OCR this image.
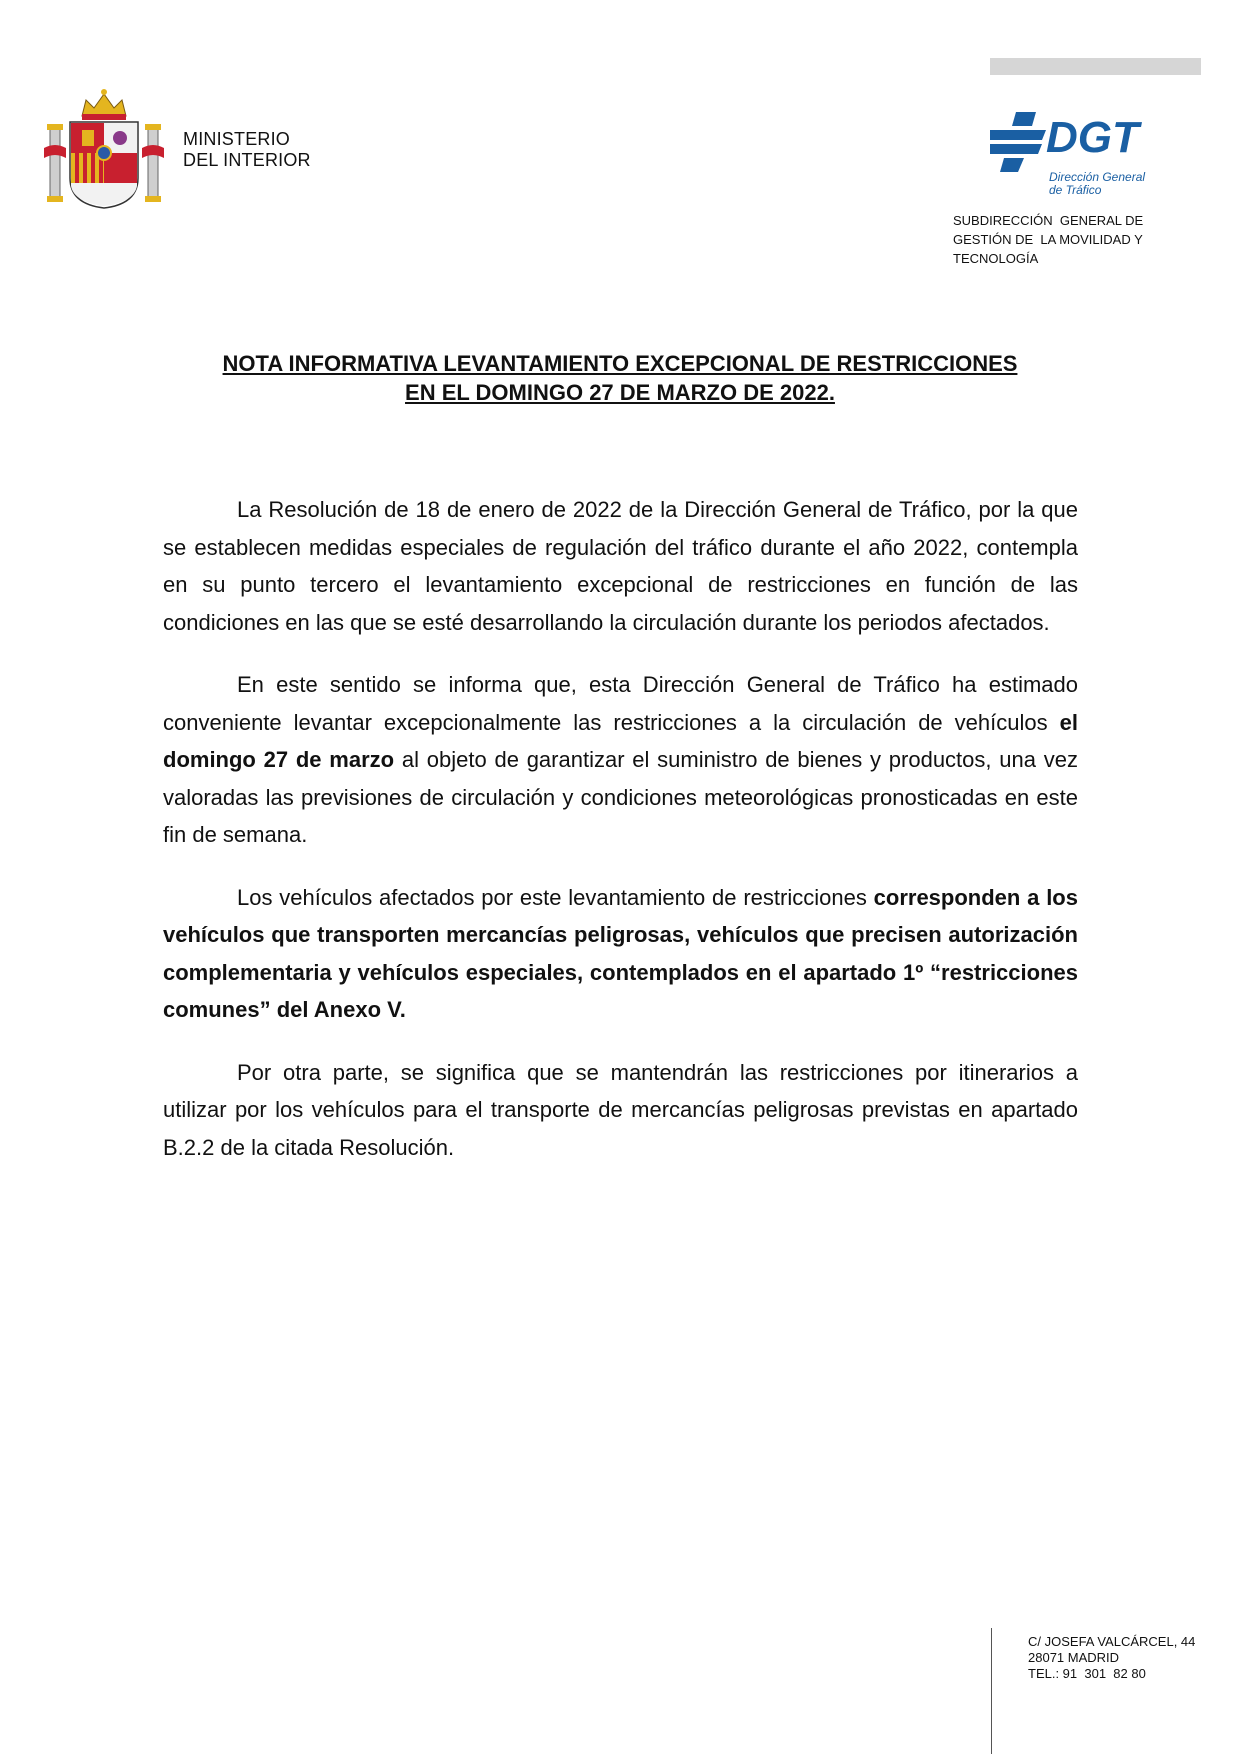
MINISTERIO
DEL INTERIOR	DGT
Dirección General
de Tráfico
SUBDIRECCIÓN  GENERAL DE
GESTIÓN DE  LA MOVILIDAD Y
TECNOLOGÍA
NOTA INFORMATIVA LEVANTAMIENTO EXCEPCIONAL DE RESTRICCIONES
EN EL DOMINGO 27 DE MARZO DE 2022.

La Resolución de 18 de enero de 2022 de la Dirección General de Tráfico, por la que se establecen medidas especiales de regulación del tráfico durante el año 2022, contempla en su punto tercero el levantamiento excepcional de restricciones en función de las condiciones en las que se esté desarrollando la circulación durante los periodos afectados.

En este sentido se informa que, esta Dirección General de Tráfico ha estimado conveniente levantar excepcionalmente las restricciones a la circulación de vehículos el domingo 27 de marzo al objeto de garantizar el suministro de bienes y productos, una vez valoradas las previsiones de circulación y condiciones meteorológicas pronosticadas en este fin de semana.

Los vehículos afectados por este levantamiento de restricciones corresponden a los vehículos que transporten mercancías peligrosas, vehículos que precisen autorización complementaria y vehículos especiales, contemplados en el apartado 1º “restricciones comunes” del Anexo V.

Por otra parte, se significa que se mantendrán las restricciones por itinerarios a utilizar por los vehículos para el transporte de mercancías peligrosas previstas en apartado B.2.2 de la citada Resolución.

C/ JOSEFA VALCÁRCEL, 44
28071 MADRID
TEL.: 91  301  82 80
